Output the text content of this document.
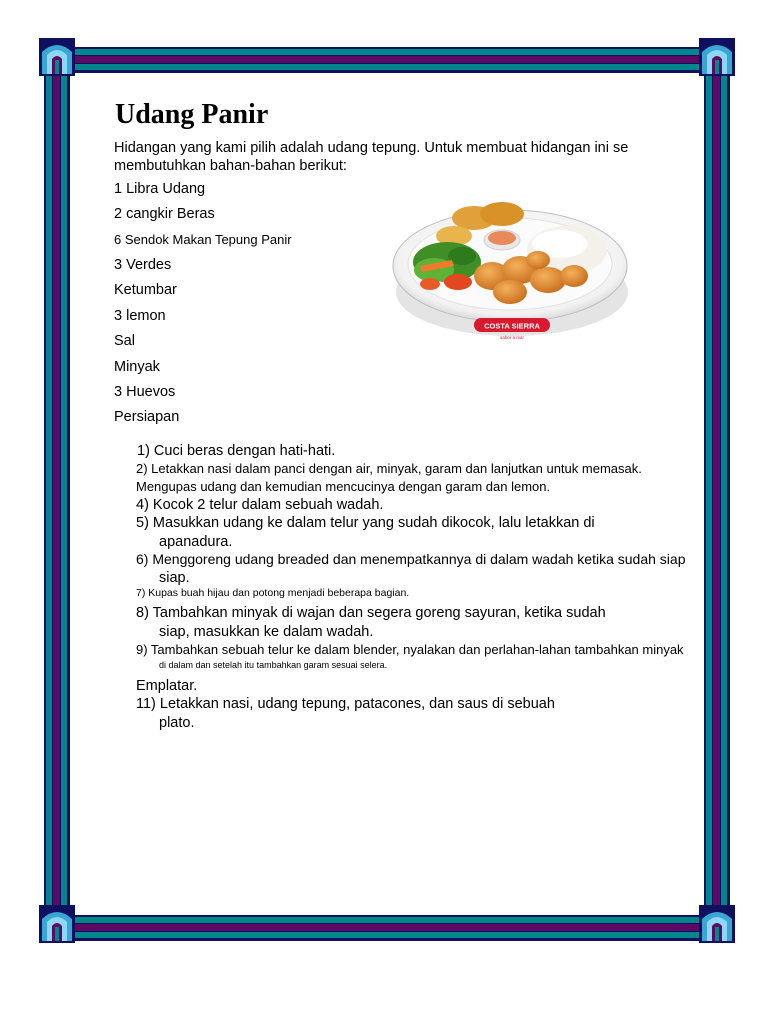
Udang Panir

Hidangan yang kami pilih adalah udang tepung. Untuk membuat hidangan ini se membutuhkan bahan-bahan berikut:

1 Libra Udang

2 cangkir Beras

6 Sendok Makan Tepung Panir

3 Verdes

Ketumbar

3 lemon

Sal

Minyak

3 Huevos

Persiapan

COSTA SIERRA
sabor a mar
1) Cuci beras dengan hati-hati.
2) Letakkan nasi dalam panci dengan air, minyak, garam dan lanjutkan untuk memasak.
Mengupas udang dan kemudian mencucinya dengan garam dan lemon.
4) Kocok 2 telur dalam sebuah wadah.
5) Masukkan udang ke dalam telur yang sudah dikocok, lalu letakkan di
apanadura.
6) Menggoreng udang breaded dan menempatkannya di dalam wadah ketika sudah siap
siap.
7) Kupas buah hijau dan potong menjadi beberapa bagian.
8) Tambahkan minyak di wajan dan segera goreng sayuran, ketika sudah
siap, masukkan ke dalam wadah.
9) Tambahkan sebuah telur ke dalam blender, nyalakan dan perlahan-lahan tambahkan minyak
di dalam dan setelah itu tambahkan garam sesuai selera.
Emplatar.
11) Letakkan nasi, udang tepung, patacones, dan saus di sebuah
plato.
